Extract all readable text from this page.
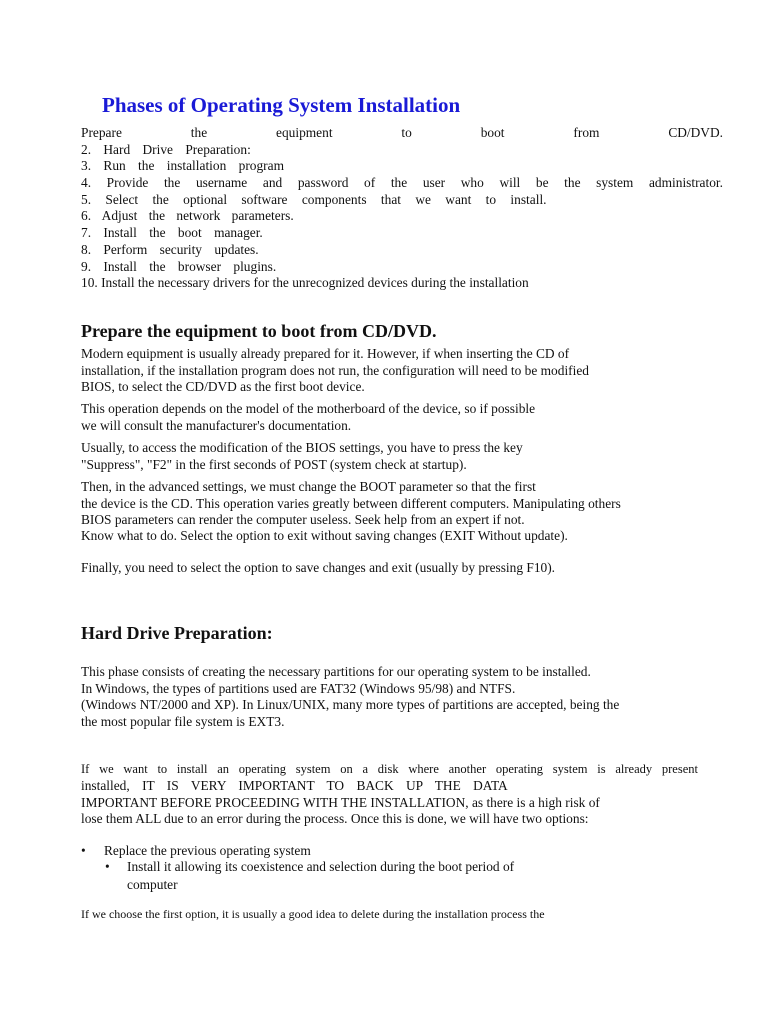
Phases of Operating System Installation
Prepare the equipment to boot from CD/DVD.
2. Hard Drive Preparation:
3. Run the installation program
4. Provide the username and password of the user who will be the system administrator.
5. Select the optional software components that we want to install.
6. Adjust the network parameters.
7. Install the boot manager.
8. Perform security updates.
9. Install the browser plugins.
10. Install the necessary drivers for the unrecognized devices during the installation
Prepare the equipment to boot from CD/DVD.
Modern equipment is usually already prepared for it. However, if when inserting the CD of
installation, if the installation program does not run, the configuration will need to be modified
BIOS, to select the CD/DVD as the first boot device.
This operation depends on the model of the motherboard of the device, so if possible
we will consult the manufacturer's documentation.
Usually, to access the modification of the BIOS settings, you have to press the key
"Suppress", "F2" in the first seconds of POST (system check at startup).
Then, in the advanced settings, we must change the BOOT parameter so that the first
the device is the CD. This operation varies greatly between different computers. Manipulating others
BIOS parameters can render the computer useless. Seek help from an expert if not.
Know what to do. Select the option to exit without saving changes (EXIT Without update).
Finally, you need to select the option to save changes and exit (usually by pressing F10).
Hard Drive Preparation:
This phase consists of creating the necessary partitions for our operating system to be installed.
In Windows, the types of partitions used are FAT32 (Windows 95/98) and NTFS.
(Windows NT/2000 and XP). In Linux/UNIX, many more types of partitions are accepted, being the
the most popular file system is EXT3.
If we want to install an operating system on a disk where another operating system is already present
installed, IT IS VERY IMPORTANT TO BACK UP THE DATA
IMPORTANT BEFORE PROCEEDING WITH THE INSTALLATION, as there is a high risk of
lose them ALL due to an error during the process. Once this is done, we will have two options:
• Replace the previous operating system
• Install it allowing its coexistence and selection during the boot period of
computer
If we choose the first option, it is usually a good idea to delete during the installation process the
